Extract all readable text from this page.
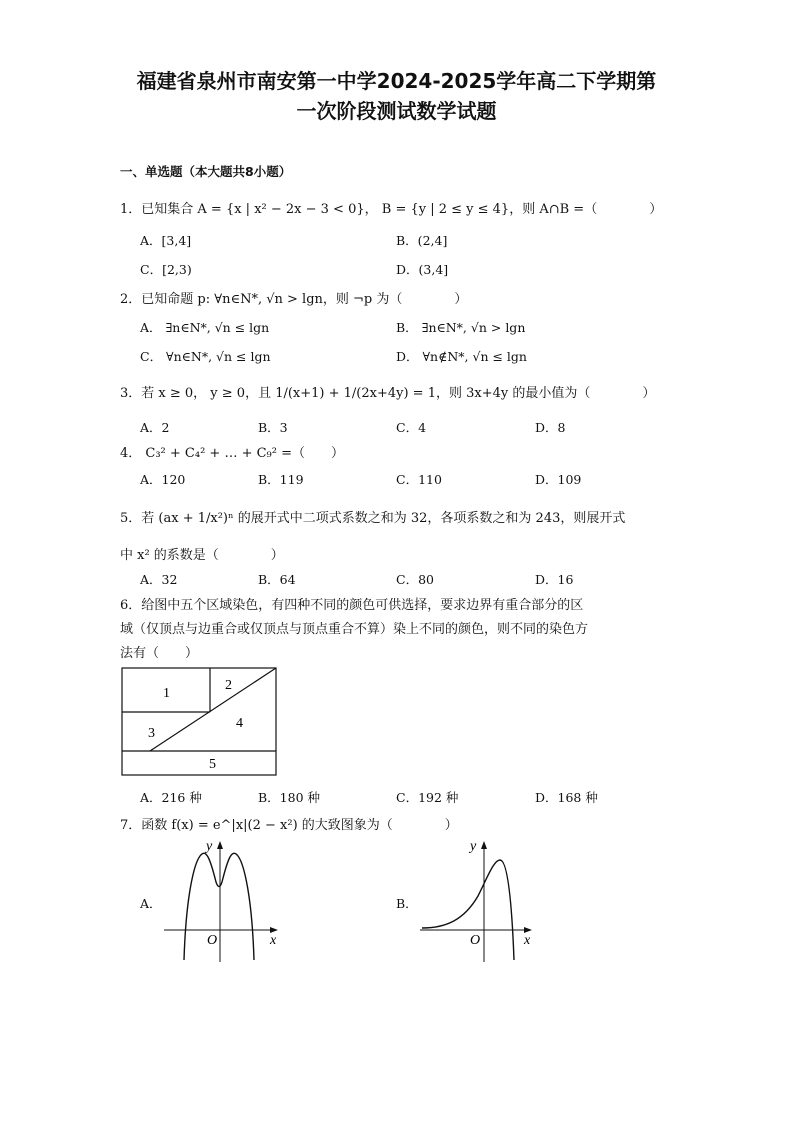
福建省泉州市南安第一中学2024-2025学年高二下学期第
一次阶段测试数学试题
一、单选题（本大题共8小题）
1．已知集合 A = {x | x² − 2x − 3 < 0}， B = {y | 2 ≤ y ≤ 4}，则 A∩B =（　　　　）
A．[3,4]	B．(2,4]
C．[2,3)	D．(3,4]
2．已知命题 p: ∀n∈N*, √n > lgn，则 ¬p 为（　　　　）
A． ∃n∈N*, √n ≤ lgn	B． ∃n∈N*, √n > lgn
C． ∀n∈N*, √n ≤ lgn	D． ∀n∉N*, √n ≤ lgn
3．若 x ≥ 0， y ≥ 0，且 1/(x+1) + 1/(2x+4y) = 1，则 3x+4y 的最小值为（　　　　）
A．2	B．3	C．4	D．8
4． C₃² + C₄² + … + C₉² =（　　）
A．120	B．119	C．110	D．109
5．若 (ax + 1/x²)ⁿ 的展开式中二项式系数之和为 32，各项系数之和为 243，则展开式
中 x² 的系数是（　　　　）
A．32	B．64	C．80	D．16
6．给图中五个区域染色，有四种不同的颜色可供选择，要求边界有重合部分的区
域（仅顶点与边重合或仅顶点与顶点重合不算）染上不同的颜色，则不同的染色方
法有（　　）
1
2
3
4
5
A．216 种	B．180 种	C．192 种	D．168 种
7．函数 f(x) = e^|x|(2 − x²) 的大致图象为（　　　　）
A．
O	x
y
B．
O	x
y
